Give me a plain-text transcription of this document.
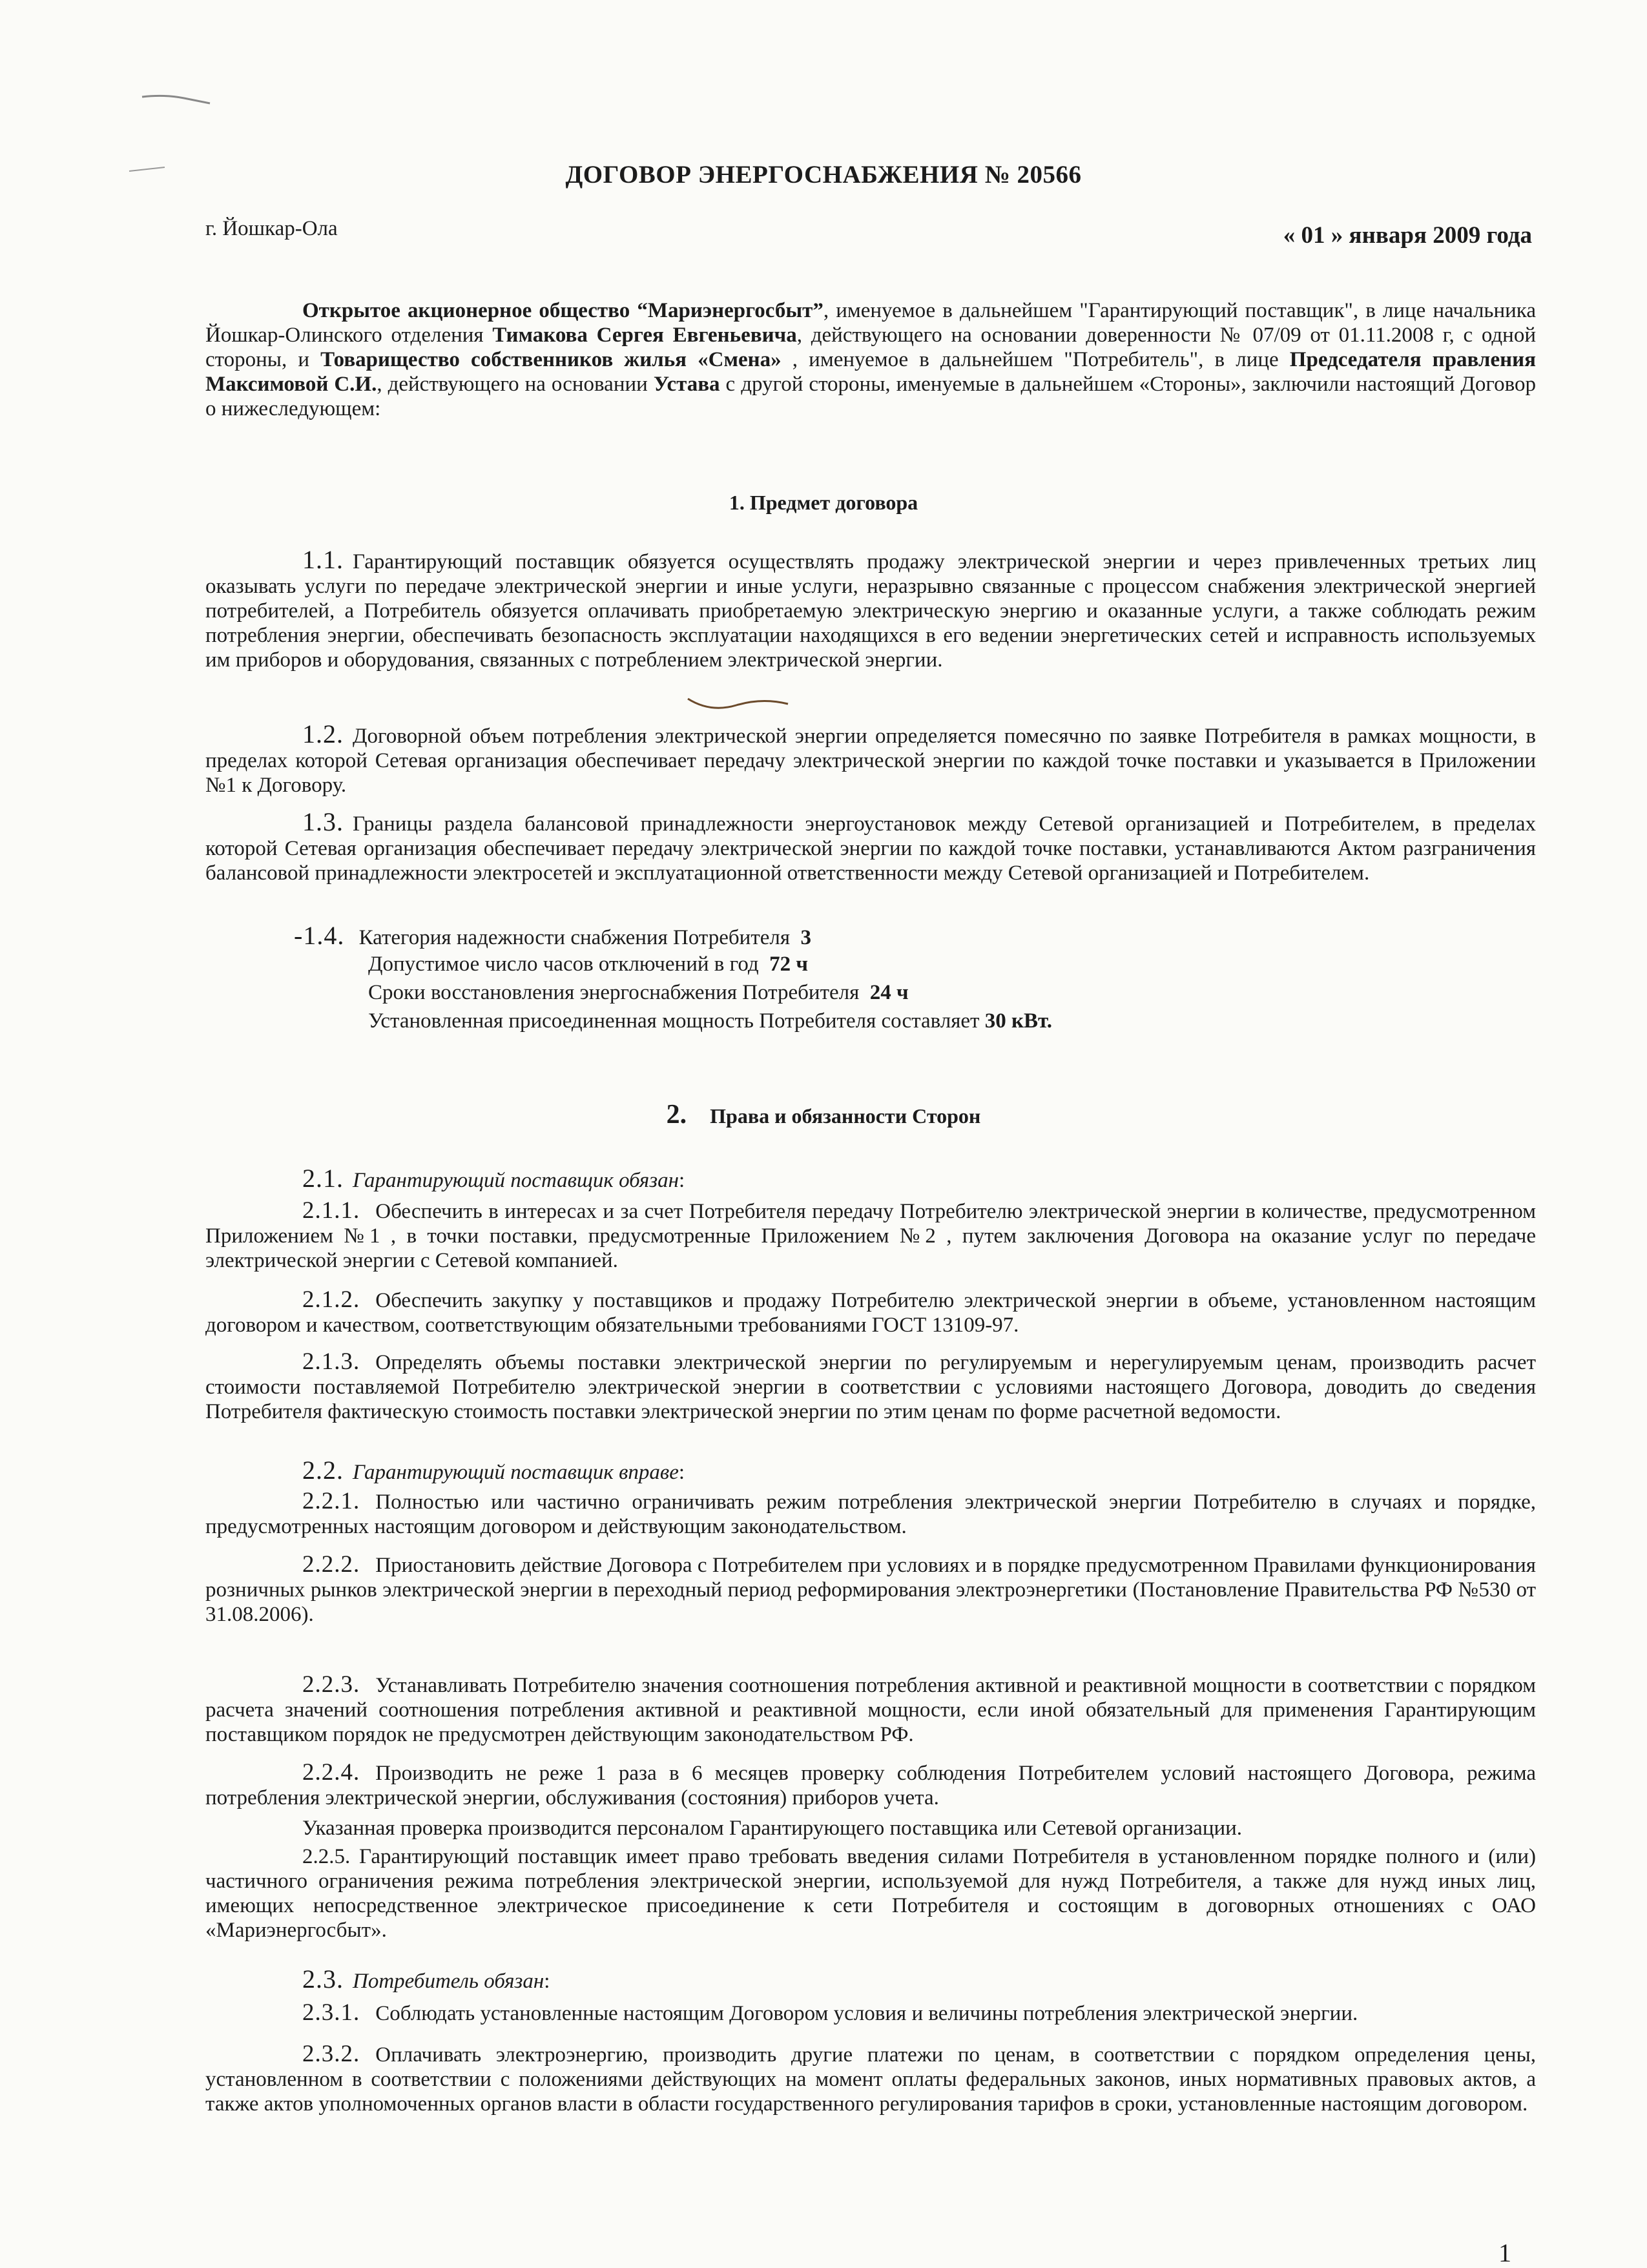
ДОГОВОР ЭНЕРГОСНАБЖЕНИЯ № 20566
г. Йошкар-Ола	« 01 » января 2009 года
Открытое акционерное общество “Мариэнергосбыт”, именуемое в дальнейшем "Гарантирующий поставщик", в лице начальника Йошкар-Олинского отделения Тимакова Сергея Евгеньевича, действующего на основании доверенности № 07/09 от 01.11.2008 г, с одной стороны, и Товарищество собственников жилья «Смена» , именуемое в дальнейшем "Потребитель", в лице Председателя правления Максимовой С.И., действующего на основании Устава с другой стороны, именуемые в дальнейшем «Стороны», заключили настоящий Договор о нижеследующем:
1. Предмет договора
1.1. Гарантирующий поставщик обязуется осуществлять продажу электрической энергии и через привлеченных третьих лиц оказывать услуги по передаче электрической энергии и иные услуги, неразрывно связанные с процессом снабжения электрической энергией потребителей, а Потребитель обязуется оплачивать приобретаемую электрическую энергию и оказанные услуги, а также соблюдать режим потребления энергии, обеспечивать безопасность эксплуатации находящихся в его ведении энергетических сетей и исправность используемых им приборов и оборудования, связанных с потреблением электрической энергии.
1.2. Договорной объем потребления электрической энергии определяется помесячно по заявке Потребителя в рамках мощности, в пределах которой Сетевая организация обеспечивает передачу электрической энергии по каждой точке поставки и указывается в Приложении №1 к Договору.
1.3. Границы раздела балансовой принадлежности энергоустановок между Сетевой организацией и Потребителем, в пределах которой Сетевая организация обеспечивает передачу электрической энергии по каждой точке поставки, устанавливаются Актом разграничения балансовой принадлежности электросетей и эксплуатационной ответственности между Сетевой организацией и Потребителем.
-1.4. Категория надежности снабжения Потребителя 3
Допустимое число часов отключений в год 72 ч
Сроки восстановления энергоснабжения Потребителя 24 ч
Установленная присоединенная мощность Потребителя составляет 30 кВт.
2. Права и обязанности Сторон
2.1. Гарантирующий поставщик обязан:
2.1.1. Обеспечить в интересах и за счет Потребителя передачу Потребителю электрической энергии в количестве, предусмотренном Приложением №1 , в точки поставки, предусмотренные Приложением №2 , путем заключения Договора на оказание услуг по передаче электрической энергии с Сетевой компанией.
2.1.2. Обеспечить закупку у поставщиков и продажу Потребителю электрической энергии в объеме, установленном настоящим договором и качеством, соответствующим обязательными требованиями ГОСТ 13109-97.
2.1.3. Определять объемы поставки электрической энергии по регулируемым и нерегулируемым ценам, производить расчет стоимости поставляемой Потребителю электрической энергии в соответствии с условиями настоящего Договора, доводить до сведения Потребителя фактическую стоимость поставки электрической энергии по этим ценам по форме расчетной ведомости.
2.2. Гарантирующий поставщик вправе:
2.2.1. Полностью или частично ограничивать режим потребления электрической энергии Потребителю в случаях и порядке, предусмотренных настоящим договором и действующим законодательством.
2.2.2. Приостановить действие Договора с Потребителем при условиях и в порядке предусмотренном Правилами функционирования розничных рынков электрической энергии в переходный период реформирования электроэнергетики (Постановление Правительства РФ №530 от 31.08.2006).
2.2.3. Устанавливать Потребителю значения соотношения потребления активной и реактивной мощности в соответствии с порядком расчета значений соотношения потребления активной и реактивной мощности, если иной обязательный для применения Гарантирующим поставщиком порядок не предусмотрен действующим законодательством РФ.
2.2.4. Производить не реже 1 раза в 6 месяцев проверку соблюдения Потребителем условий настоящего Договора, режима потребления электрической энергии, обслуживания (состояния) приборов учета.
Указанная проверка производится персоналом Гарантирующего поставщика или Сетевой организации.
2.2.5. Гарантирующий поставщик имеет право требовать введения силами Потребителя в установленном порядке полного и (или) частичного ограничения режима потребления электрической энергии, используемой для нужд Потребителя, а также для нужд иных лиц, имеющих непосредственное электрическое присоединение к сети Потребителя и состоящим в договорных отношениях с ОАО «Мариэнергосбыт».
2.3. Потребитель обязан:
2.3.1. Соблюдать установленные настоящим Договором условия и величины потребления электрической энергии.
2.3.2. Оплачивать электроэнергию, производить другие платежи по ценам, в соответствии с порядком определения цены, установленном в соответствии с положениями действующих на момент оплаты федеральных законов, иных нормативных правовых актов, а также актов уполномоченных органов власти в области государственного регулирования тарифов в сроки, установленные настоящим договором.
1
